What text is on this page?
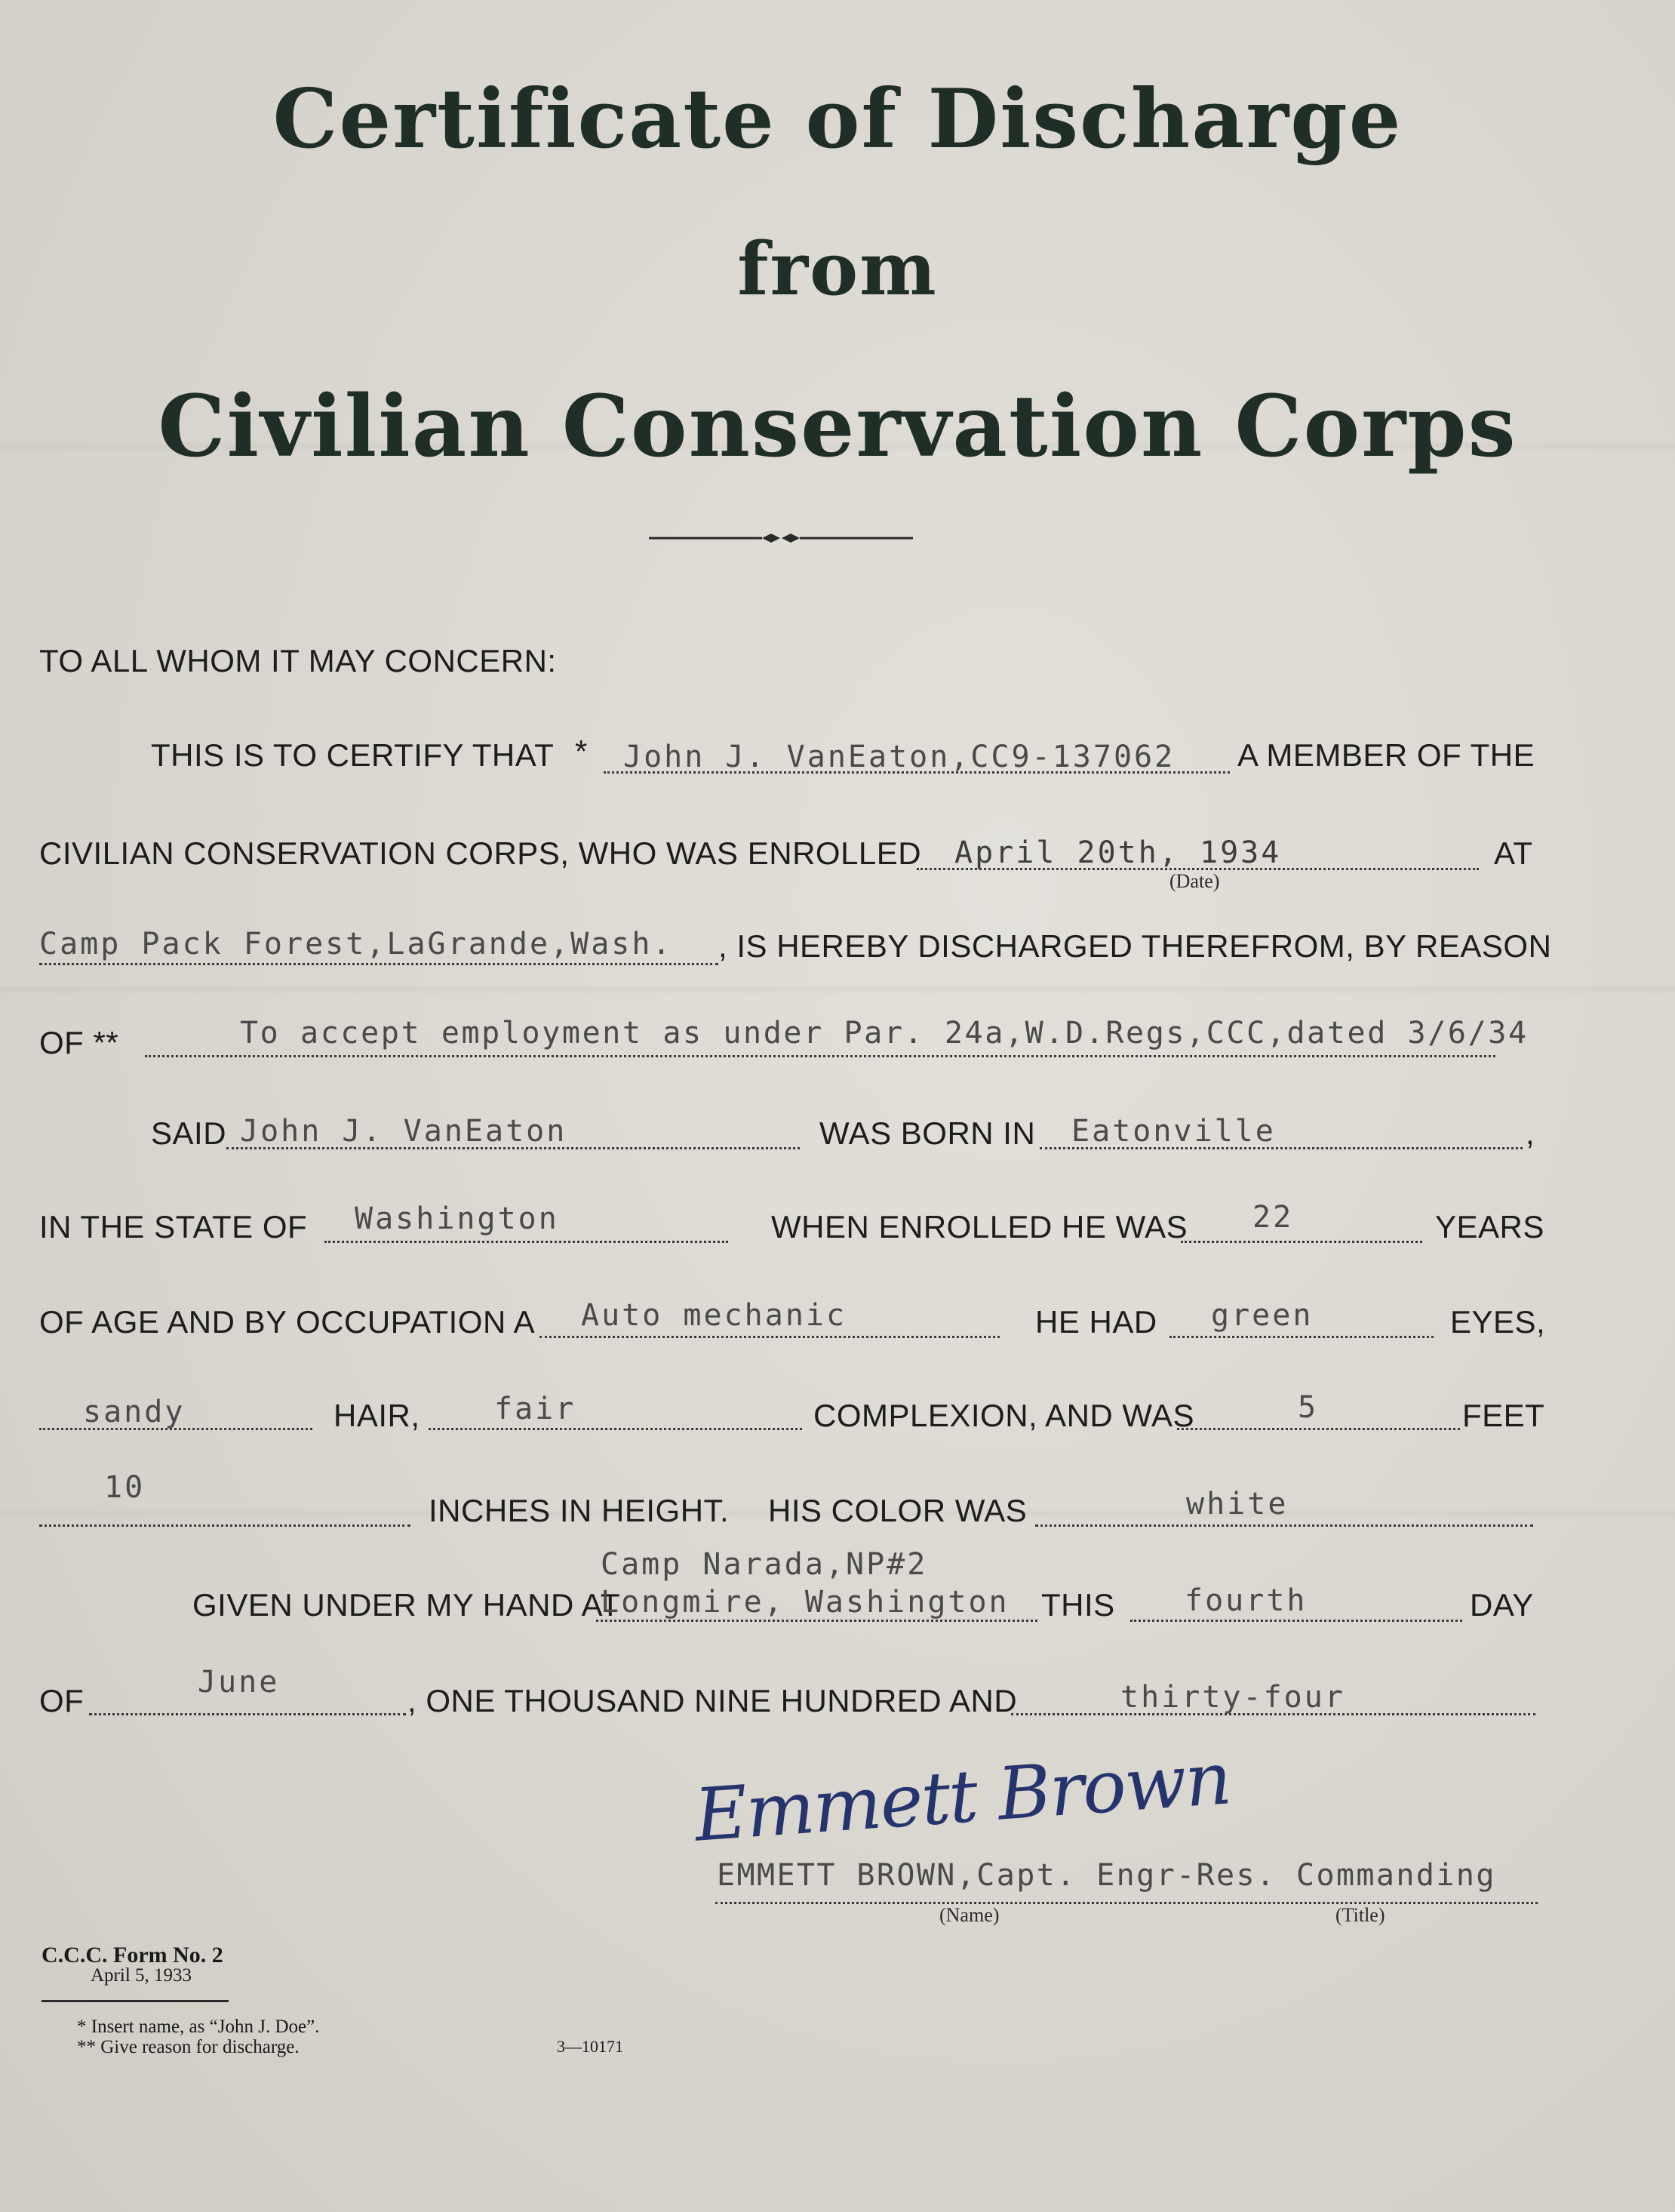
Certificate of Discharge
from
Civilian Conservation Corps
TO ALL WHOM IT MAY CONCERN:
THIS IS TO CERTIFY THAT * John J. VanEaton,CC9-137062 A MEMBER OF THE
CIVILIAN CONSERVATION CORPS, WHO WAS ENROLLED April 20th, 1934
(Date)
AT
Camp Pack Forest,LaGrande,Wash. , IS HEREBY DISCHARGED THEREFROM, BY REASON
OF **	To accept employment as under Par. 24a,W.D.Regs,CCC,dated 3/6/34
SAID John J. VanEaton	WAS BORN IN Eatonville	,
IN THE STATE OF Washington	WHEN ENROLLED HE WAS 22	YEARS
OF AGE AND BY OCCUPATION A Auto mechanic	HE HAD green	EYES,
sandy	HAIR, fair	COMPLEXION, AND WAS	5	FEET
10
INCHES IN HEIGHT. HIS COLOR WAS	white
Camp Narada,NP#2
GIVEN UNDER MY HAND AT
Longmire, Washington THIS fourth	DAY
OF
June
, ONE THOUSAND NINE HUNDRED AND	thirty-four
Emmett Brown
EMMETT BROWN,Capt. Engr-Res. Commanding
(Name)	(Title)
C.C.C. Form No. 2
April 5, 1933
* Insert name, as “John J. Doe”.
** Give reason for discharge.	3—10171
